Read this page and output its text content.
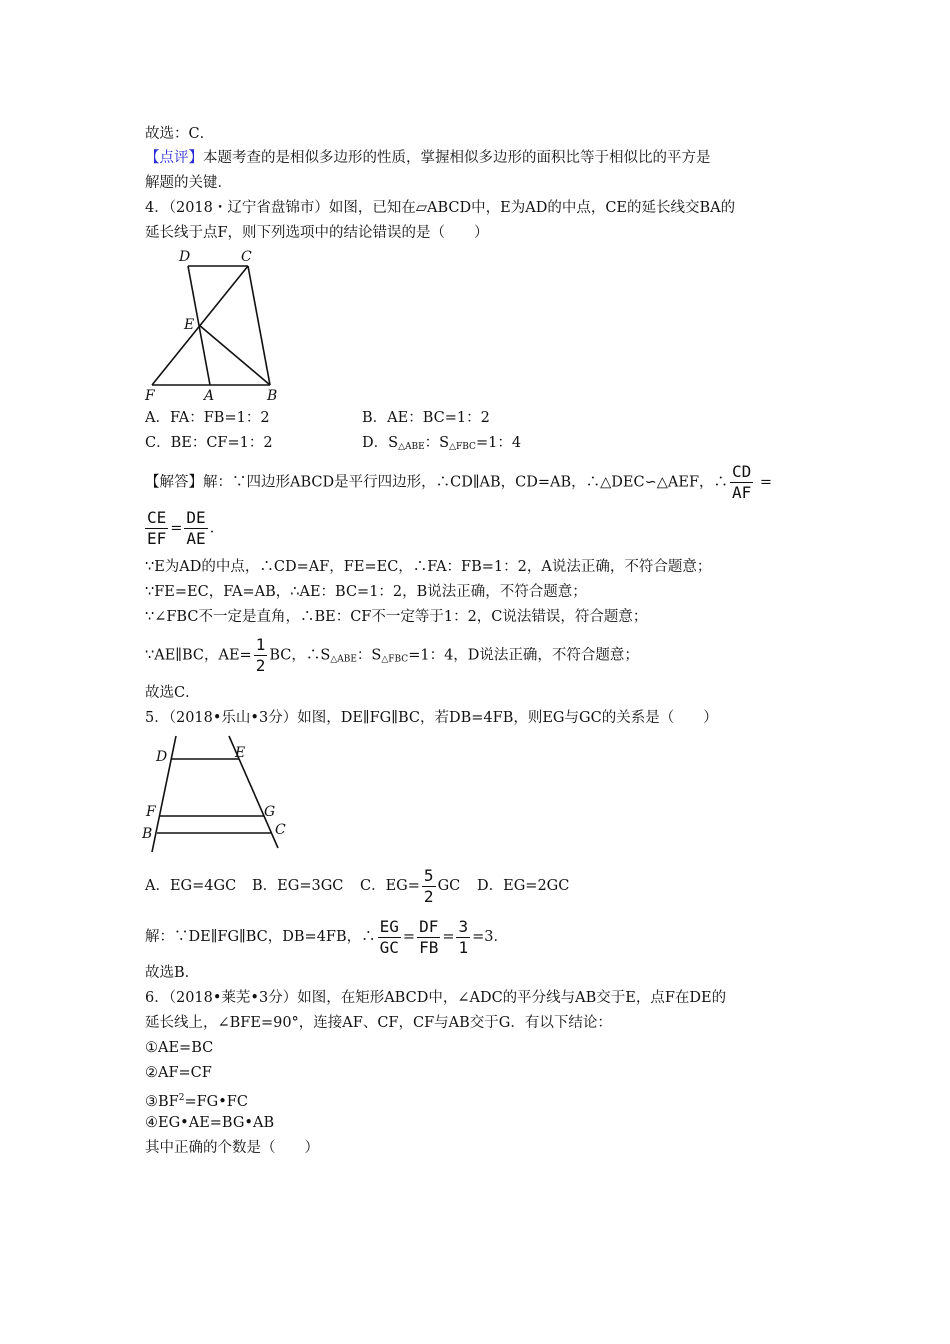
故选：C．
【点评】本题考查的是相似多边形的性质，掌握相似多边形的面积比等于相似比的平方是
解题的关键．
4．（2018・辽宁省盘锦市）如图，已知在▱ABCD中，E为AD的中点，CE的延长线交BA的
延长线于点F，则下列选项中的结论错误的是（　　）
D	C
E
F	A	B
A．FA：FB=1：2	B．AE：BC=1：2
C．BE：CF=1：2	D．$S_{\triangle ABE}$：$S_{\triangle FBC}=1$：4
【解答】解：∵四边形ABCD是平行四边形，∴CD∥AB，CD=AB，∴△DEC∽△AEF，∴ $\frac{CD}{AF}$ =
$\frac{CE}{EF} = \frac{DE}{AE}$ ．
∵E为AD的中点，∴CD=AF，FE=EC，∴FA：FB=1：2，A说法正确，不符合题意；
∵FE=EC，FA=AB，∴AE：BC=1：2，B说法正确，不符合题意；
∵∠FBC不一定是直角，∴BE：CF不一定等于1：2，C说法错误，符合题意；
∵AE∥BC，$AE= \frac{1}{2}$ BC，$\therefore S_{\triangle ABE}$：$S_{\triangle FBC}=1$：4，D说法正确，不符合题意；
故选C．
5．（2018•乐山•3分）如图，DE∥FG∥BC，若DB=4FB，则EG与GC的关系是（　　）
D	E
F	G
B	C
A．EG=4GC B．EG=3GC C．$EG= \frac{5}{2}$ GC D．EG=2GC
解：∵DE∥FG∥BC，DB=4FB，∴ $\frac{EG}{GC} = \frac{DF}{FB} = \frac{3}{1} =3$．
故选B．
6．（2018•莱芜•3分）如图，在矩形ABCD中，∠ADC的平分线与AB交于E，点F在DE的
延长线上，∠BFE=90°，连接AF、CF，CF与AB交于G．有以下结论：
①AE=BC
②AF=CF
$③BF^2=FG•FC$
④EG•AE=BG•AB
其中正确的个数是（　　）
